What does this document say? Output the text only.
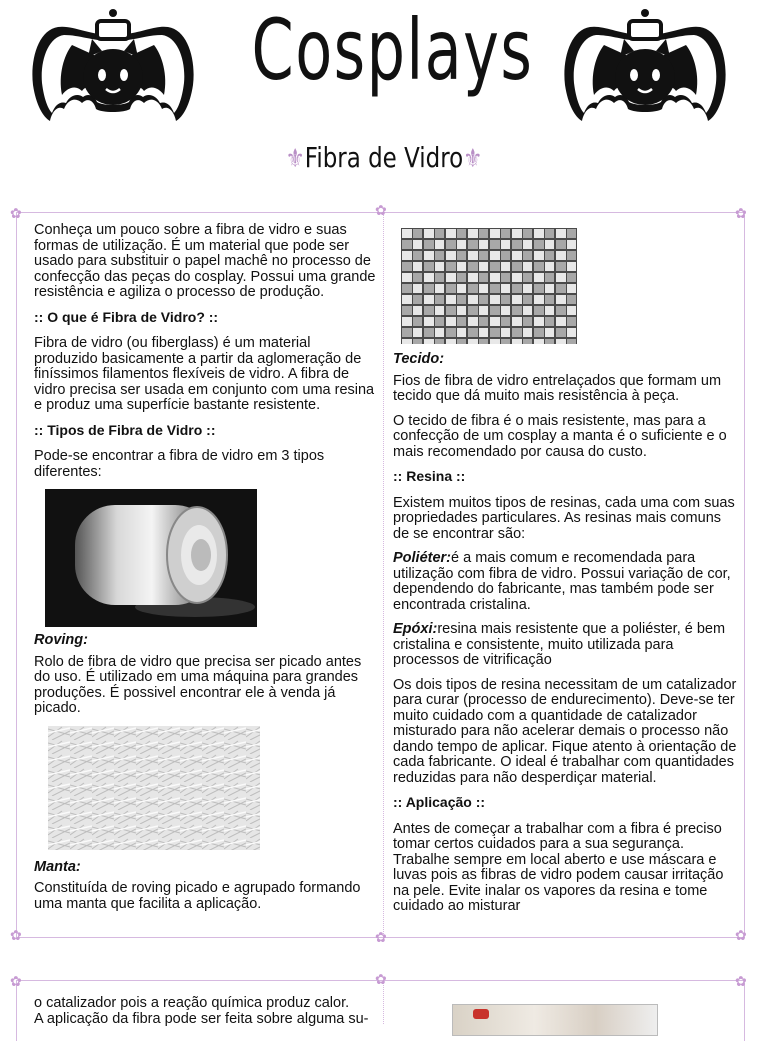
Cosplays
⚜Fibra de Vidro⚜
✿	✿	✿
✿	✿	✿

Conheça um pouco sobre a fibra de vidro e suas formas de utilização. É um material que pode ser usado para substituir o papel machê no processo de confecção das peças do cosplay. Possui uma grande resistência e agiliza o processo de produção.

:: O que é Fibra de Vidro? ::

Fibra de vidro (ou fiberglass) é um material produzido basicamente a partir da aglomeração de finíssimos filamentos flexíveis de vidro. A fibra de vidro precisa ser usada em conjunto com uma resina e produz uma superfície bastante resistente.

:: Tipos de Fibra de Vidro ::

Pode-se encontrar a fibra de vidro em 3 tipos diferentes:

Roving:

Rolo de fibra de vidro que precisa ser picado antes do uso. É utilizado em uma máquina para grandes produções. É possivel encontrar ele à venda já picado.

Manta:

Constituída de roving picado e agrupado formando uma manta que facilita a aplicação.

Tecido:

Fios de fibra de vidro entrelaçados que formam um tecido que dá muito mais resistência à peça.

O tecido de fibra é o mais resistente, mas para a confecção de um cosplay a manta é o suficiente e o mais recomendado por causa do custo.

:: Resina ::

Existem muitos tipos de resinas, cada uma com suas propriedades particulares. As resinas mais comuns de se encontrar são:

Poliéter:é a mais comum e recomendada para utilização com fibra de vidro. Possui variação de cor, dependendo do fabricante, mas também pode ser encontrada cristalina.

Epóxi:resina mais resistente que a poliéster, é bem cristalina e consistente, muito utilizada para processos de vitrificação

Os dois tipos de resina necessitam de um catalizador para curar (processo de endurecimento). Deve-se ter muito cuidado com a quantidade de catalizador misturado para não acelerar demais o processo não dando tempo de aplicar. Fique atento à orientação de cada fabricante. O ideal é trabalhar com quantidades reduzidas para não desperdiçar material.

:: Aplicação ::

Antes de começar a trabalhar com a fibra é preciso tomar certos cuidados para a sua segurança. Trabalhe sempre em local aberto e use máscara e luvas pois as fibras de vidro podem causar irritação na pele. Evite inalar os vapores da resina e tome cuidado ao misturar

✿	✿	✿

o catalizador pois a reação química produz calor.

A aplicação da fibra pode ser feita sobre alguma su-
